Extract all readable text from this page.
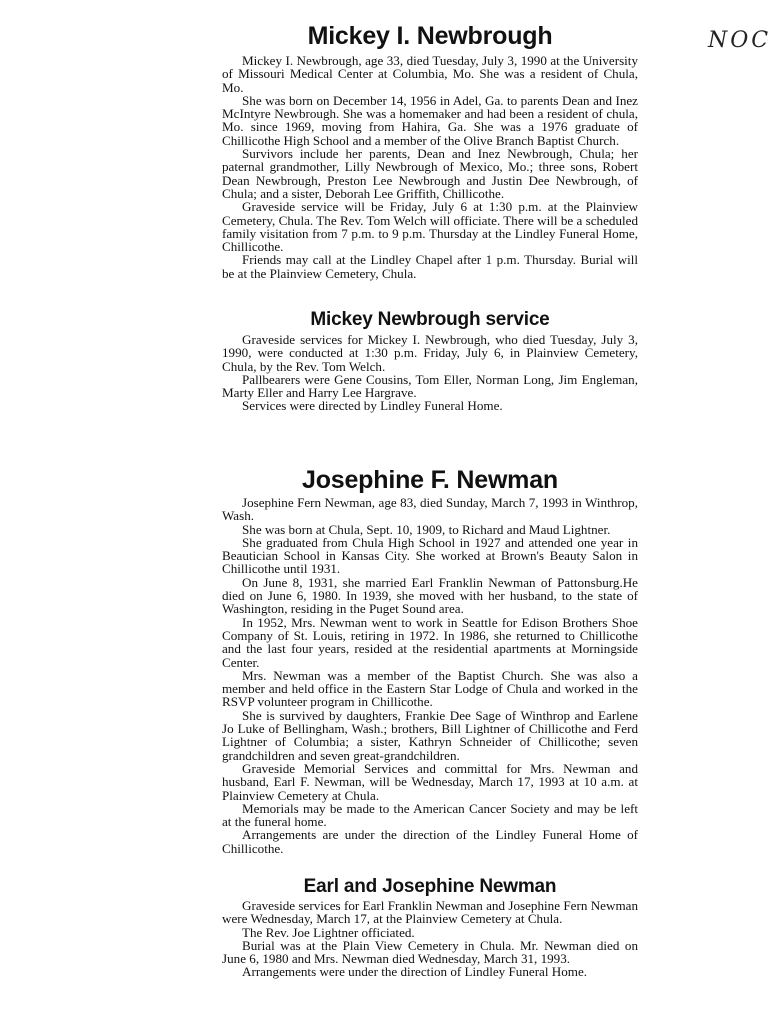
NOC
Mickey I. Newbrough

Mickey I. Newbrough, age 33, died Tuesday, July 3, 1990 at the University of Missouri Medical Center at Columbia, Mo. She was a resident of Chula, Mo.

She was born on December 14, 1956 in Adel, Ga. to parents Dean and Inez McIntyre Newbrough. She was a homemaker and had been a resident of chula, Mo. since 1969, moving from Hahira, Ga. She was a 1976 graduate of Chillicothe High School and a member of the Olive Branch Baptist Church.

Survivors include her parents, Dean and Inez Newbrough, Chula; her paternal grandmother, Lilly Newbrough of Mexico, Mo.; three sons, Robert Dean Newbrough, Preston Lee Newbrough and Justin Dee Newbrough, of Chula; and a sister, Deborah Lee Griffith, Chillicothe.

Graveside service will be Friday, July 6 at 1:30 p.m. at the Plainview Cemetery, Chula. The Rev. Tom Welch will officiate. There will be a scheduled family visitation from 7 p.m. to 9 p.m. Thursday at the Lindley Funeral Home, Chillicothe.

Friends may call at the Lindley Chapel after 1 p.m. Thursday. Burial will be at the Plainview Cemetery, Chula.

Mickey Newbrough service

Graveside services for Mickey I. Newbrough, who died Tuesday, July 3, 1990, were conducted at 1:30 p.m. Friday, July 6, in Plainview Cemetery, Chula, by the Rev. Tom Welch.

Pallbearers were Gene Cousins, Tom Eller, Norman Long, Jim Engleman, Marty Eller and Harry Lee Hargrave.

Services were directed by Lindley Funeral Home.

Josephine F. Newman

Josephine Fern Newman, age 83, died Sunday, March 7, 1993 in Winthrop, Wash.

She was born at Chula, Sept. 10, 1909, to Richard and Maud Lightner.

She graduated from Chula High School in 1927 and attended one year in Beautician School in Kansas City. She worked at Brown's Beauty Salon in Chillicothe until 1931.

On June 8, 1931, she married Earl Franklin Newman of Pattonsburg.He died on June 6, 1980. In 1939, she moved with her husband, to the state of Washington, residing in the Puget Sound area.

In 1952, Mrs. Newman went to work in Seattle for Edison Brothers Shoe Company of St. Louis, retiring in 1972. In 1986, she returned to Chillicothe and the last four years, resided at the residential apartments at Morningside Center.

Mrs. Newman was a member of the Baptist Church. She was also a member and held office in the Eastern Star Lodge of Chula and worked in the RSVP volunteer program in Chillicothe.

She is survived by daughters, Frankie Dee Sage of Winthrop and Earlene Jo Luke of Bellingham, Wash.; brothers, Bill Lightner of Chillicothe and Ferd Lightner of Columbia; a sister, Kathryn Schneider of Chillicothe; seven grandchildren and seven great-grandchildren.

Graveside Memorial Services and committal for Mrs. Newman and husband, Earl F. Newman, will be Wednesday, March 17, 1993 at 10 a.m. at Plainview Cemetery at Chula.

Memorials may be made to the American Cancer Society and may be left at the funeral home.

Arrangements are under the direction of the Lindley Funeral Home of Chillicothe.

Earl and Josephine Newman

Graveside services for Earl Franklin Newman and Josephine Fern Newman were Wednesday, March 17, at the Plainview Cemetery at Chula.

The Rev. Joe Lightner officiated.

Burial was at the Plain View Cemetery in Chula. Mr. Newman died on June 6, 1980 and Mrs. Newman died Wednesday, March 31, 1993.

Arrangements were under the direction of Lindley Funeral Home.
